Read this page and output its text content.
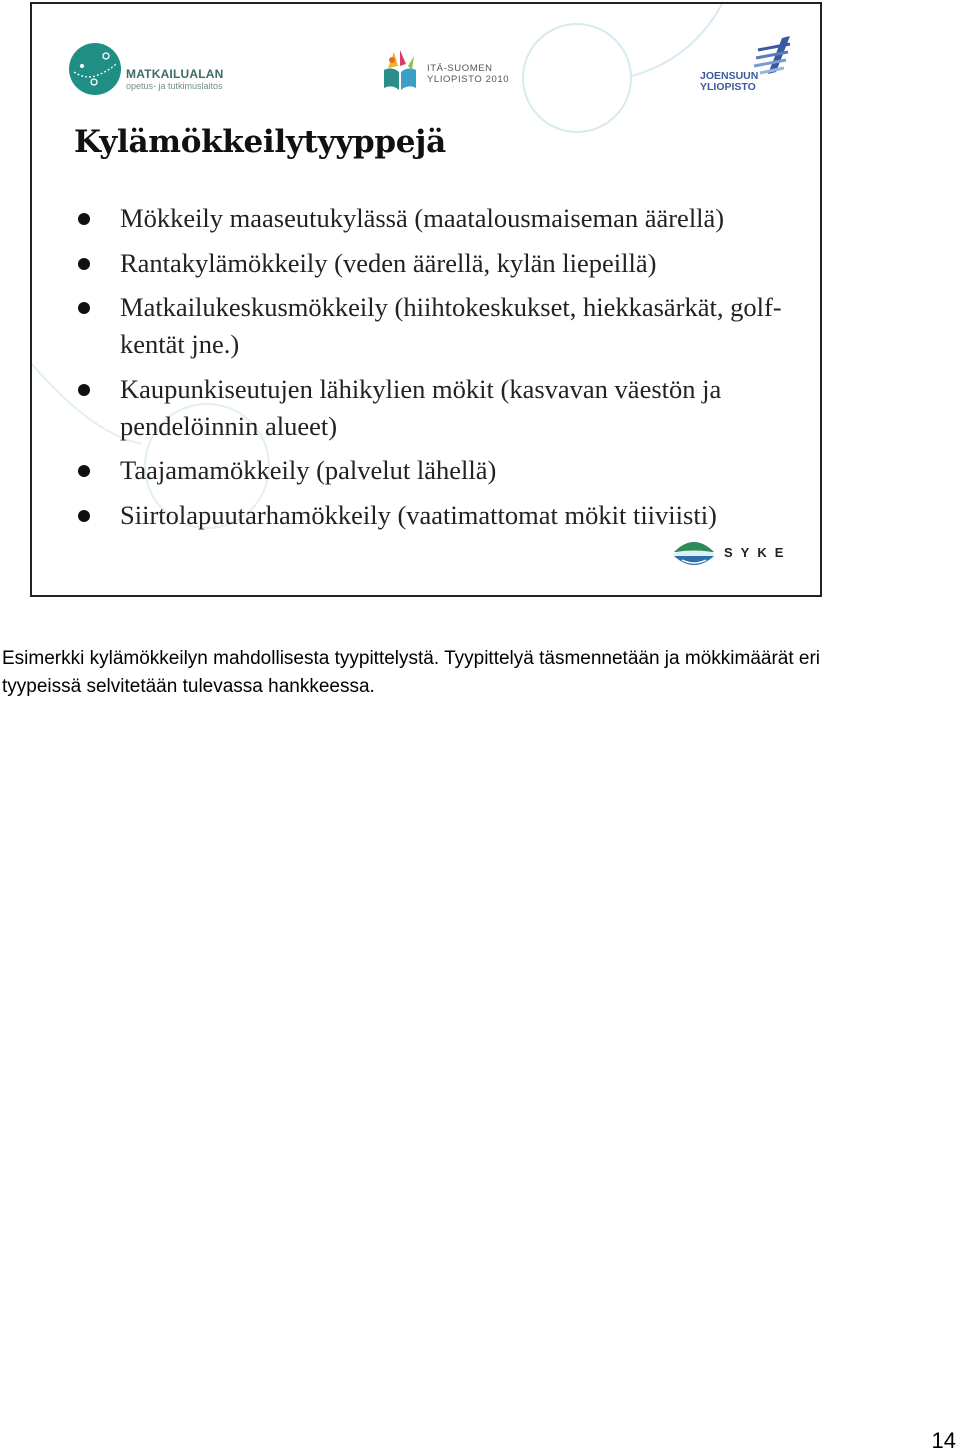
MATKAILUALAN
opetus- ja tutkimuslaitos
ITÄ-SUOMEN
YLIOPISTO 2010	JOENSUUN
YLIOPISTO
Kylämökkeilytyyppejä
Mökkeily maaseutukylässä (maatalousmaiseman äärellä)
Rantakylämökkeily (veden äärellä, kylän liepeillä)
Matkailukeskusmökkeily (hiihtokeskukset, hiekkasärkät, golf-kentät jne.)
Kaupunkiseutujen lähikylien mökit (kasvavan väestön ja pendelöinnin alueet)
Taajamamökkeily (palvelut lähellä)
Siirtolapuutarhamökkeily (vaatimattomat mökit tiiviisti)
SYKE

Esimerkki kylämökkeilyn mahdollisesta tyypittelystä. Tyypittelyä täsmennetään ja mökkimäärät eri tyypeissä selvitetään tulevassa hankkeessa.

14
